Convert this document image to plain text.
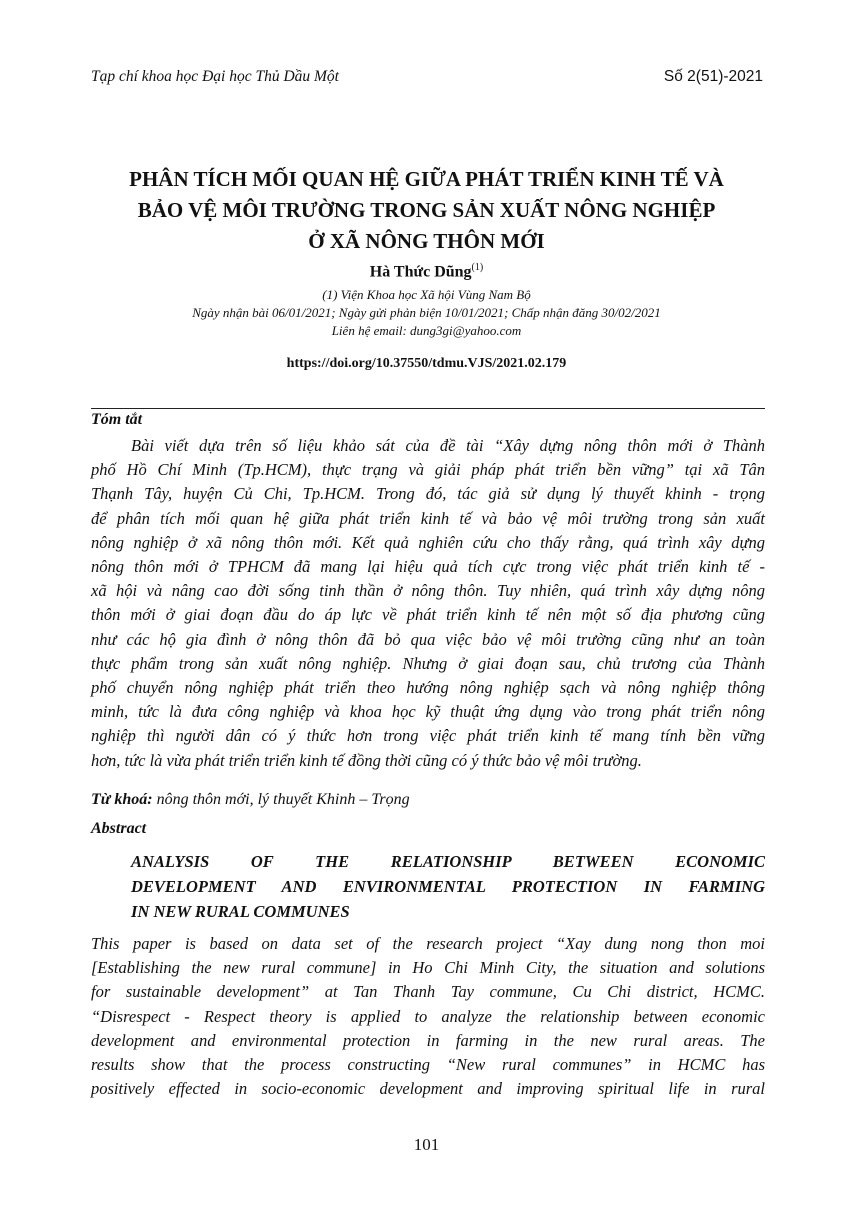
Tạp chí khoa học Đại học Thủ Dầu Một	Số 2(51)-2021
PHÂN TÍCH MỐI QUAN HỆ GIỮA PHÁT TRIỂN KINH TẾ VÀ
BẢO VỆ MÔI TRƯỜNG TRONG SẢN XUẤT NÔNG NGHIỆP
Ở XÃ NÔNG THÔN MỚI
Hà Thức Dũng$^{(1)}$
(1) Viện Khoa học Xã hội Vùng Nam Bộ
Ngày nhận bài 06/01/2021; Ngày gửi phản biện 10/01/2021; Chấp nhận đăng 30/02/2021
Liên hệ email: dung3gi@yahoo.com
https://doi.org/10.37550/tdmu.VJS/2021.02.179
Tóm tắt
Bài viết dựa trên số liệu khảo sát của đề tài “Xây dựng nông thôn mới ở Thành
phố Hồ Chí Minh (Tp.HCM), thực trạng và giải pháp phát triển bền vững” tại xã Tân
Thạnh Tây, huyện Củ Chi, Tp.HCM. Trong đó, tác giả sử dụng lý thuyết khinh - trọng
để phân tích mối quan hệ giữa phát triển kinh tế và bảo vệ môi trường trong sản xuất
nông nghiệp ở xã nông thôn mới. Kết quả nghiên cứu cho thấy rằng, quá trình xây dựng
nông thôn mới ở TPHCM đã mang lại hiệu quả tích cực trong việc phát triển kinh tế -
xã hội và nâng cao đời sống tinh thần ở nông thôn. Tuy nhiên, quá trình xây dựng nông
thôn mới ở giai đoạn đầu do áp lực về phát triển kinh tế nên một số địa phương cũng
như các hộ gia đình ở nông thôn đã bỏ qua việc bảo vệ môi trường cũng như an toàn
thực phẩm trong sản xuất nông nghiệp. Nhưng ở giai đoạn sau, chủ trương của Thành
phố chuyển nông nghiệp phát triển theo hướng nông nghiệp sạch và nông nghiệp thông
minh, tức là đưa công nghiệp và khoa học kỹ thuật ứng dụng vào trong phát triển nông
nghiệp thì người dân có ý thức hơn trong việc phát triển kinh tế mang tính bền vững
hơn, tức là vừa phát triển triển kinh tế đồng thời cũng có ý thức bảo vệ môi trường.
Từ khoá: nông thôn mới, lý thuyết Khinh – Trọng
Abstract
ANALYSIS OF THE RELATIONSHIP BETWEEN ECONOMIC
DEVELOPMENT AND ENVIRONMENTAL PROTECTION IN FARMING
IN NEW RURAL COMMUNES
This paper is based on data set of the research project “Xay dung nong thon moi
[Establishing the new rural commune] in Ho Chi Minh City, the situation and solutions
for sustainable development” at Tan Thanh Tay commune, Cu Chi district, HCMC.
“Disrespect - Respect theory is applied to analyze the relationship between economic
development and environmental protection in farming in the new rural areas. The
results show that the process constructing “New rural communes” in HCMC has
positively effected in socio-economic development and improving spiritual life in rural
101
